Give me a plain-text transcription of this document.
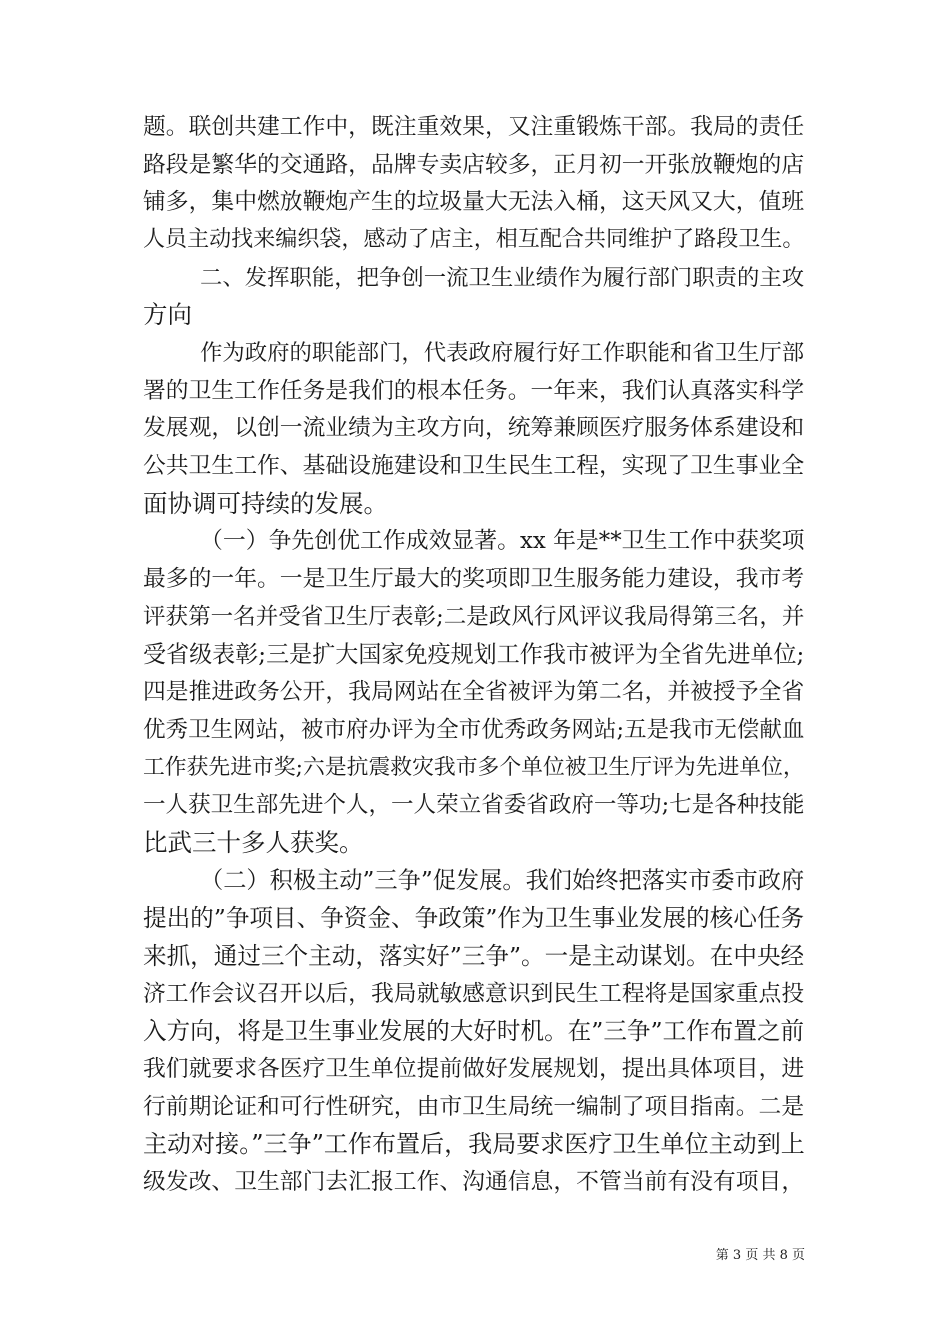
题。联创共建工作中，既注重效果，又注重锻炼干部。我局的责任
路段是繁华的交通路，品牌专卖店较多，正月初一开张放鞭炮的店
铺多，集中燃放鞭炮产生的垃圾量大无法入桶，这天风又大，值班
人员主动找来编织袋，感动了店主，相互配合共同维护了路段卫生。
二、发挥职能，把争创一流卫生业绩作为履行部门职责的主攻
方向
作为政府的职能部门，代表政府履行好工作职能和省卫生厅部
署的卫生工作任务是我们的根本任务。一年来，我们认真落实科学
发展观，以创一流业绩为主攻方向，统筹兼顾医疗服务体系建设和
公共卫生工作、基础设施建设和卫生民生工程，实现了卫生事业全
面协调可持续的发展。
（一）争先创优工作成效显著。xx 年是**卫生工作中获奖项
最多的一年。一是卫生厅最大的奖项即卫生服务能力建设，我市考
评获第一名并受省卫生厅表彰;二是政风行风评议我局得第三名，并
受省级表彰;三是扩大国家免疫规划工作我市被评为全省先进单位;
四是推进政务公开，我局网站在全省被评为第二名，并被授予全省
优秀卫生网站，被市府办评为全市优秀政务网站;五是我市无偿献血
工作获先进市奖;六是抗震救灾我市多个单位被卫生厅评为先进单位，
一人获卫生部先进个人，一人荣立省委省政府一等功;七是各种技能
比武三十多人获奖。
（二）积极主动”三争”促发展。我们始终把落实市委市政府
提出的”争项目、争资金、争政策”作为卫生事业发展的核心任务
来抓，通过三个主动，落实好”三争”。一是主动谋划。在中央经
济工作会议召开以后，我局就敏感意识到民生工程将是国家重点投
入方向，将是卫生事业发展的大好时机。在”三争”工作布置之前
我们就要求各医疗卫生单位提前做好发展规划，提出具体项目，进
行前期论证和可行性研究，由市卫生局统一编制了项目指南。二是
主动对接。”三争”工作布置后，我局要求医疗卫生单位主动到上
级发改、卫生部门去汇报工作、沟通信息，不管当前有没有项目，
第 3 页 共 8 页
